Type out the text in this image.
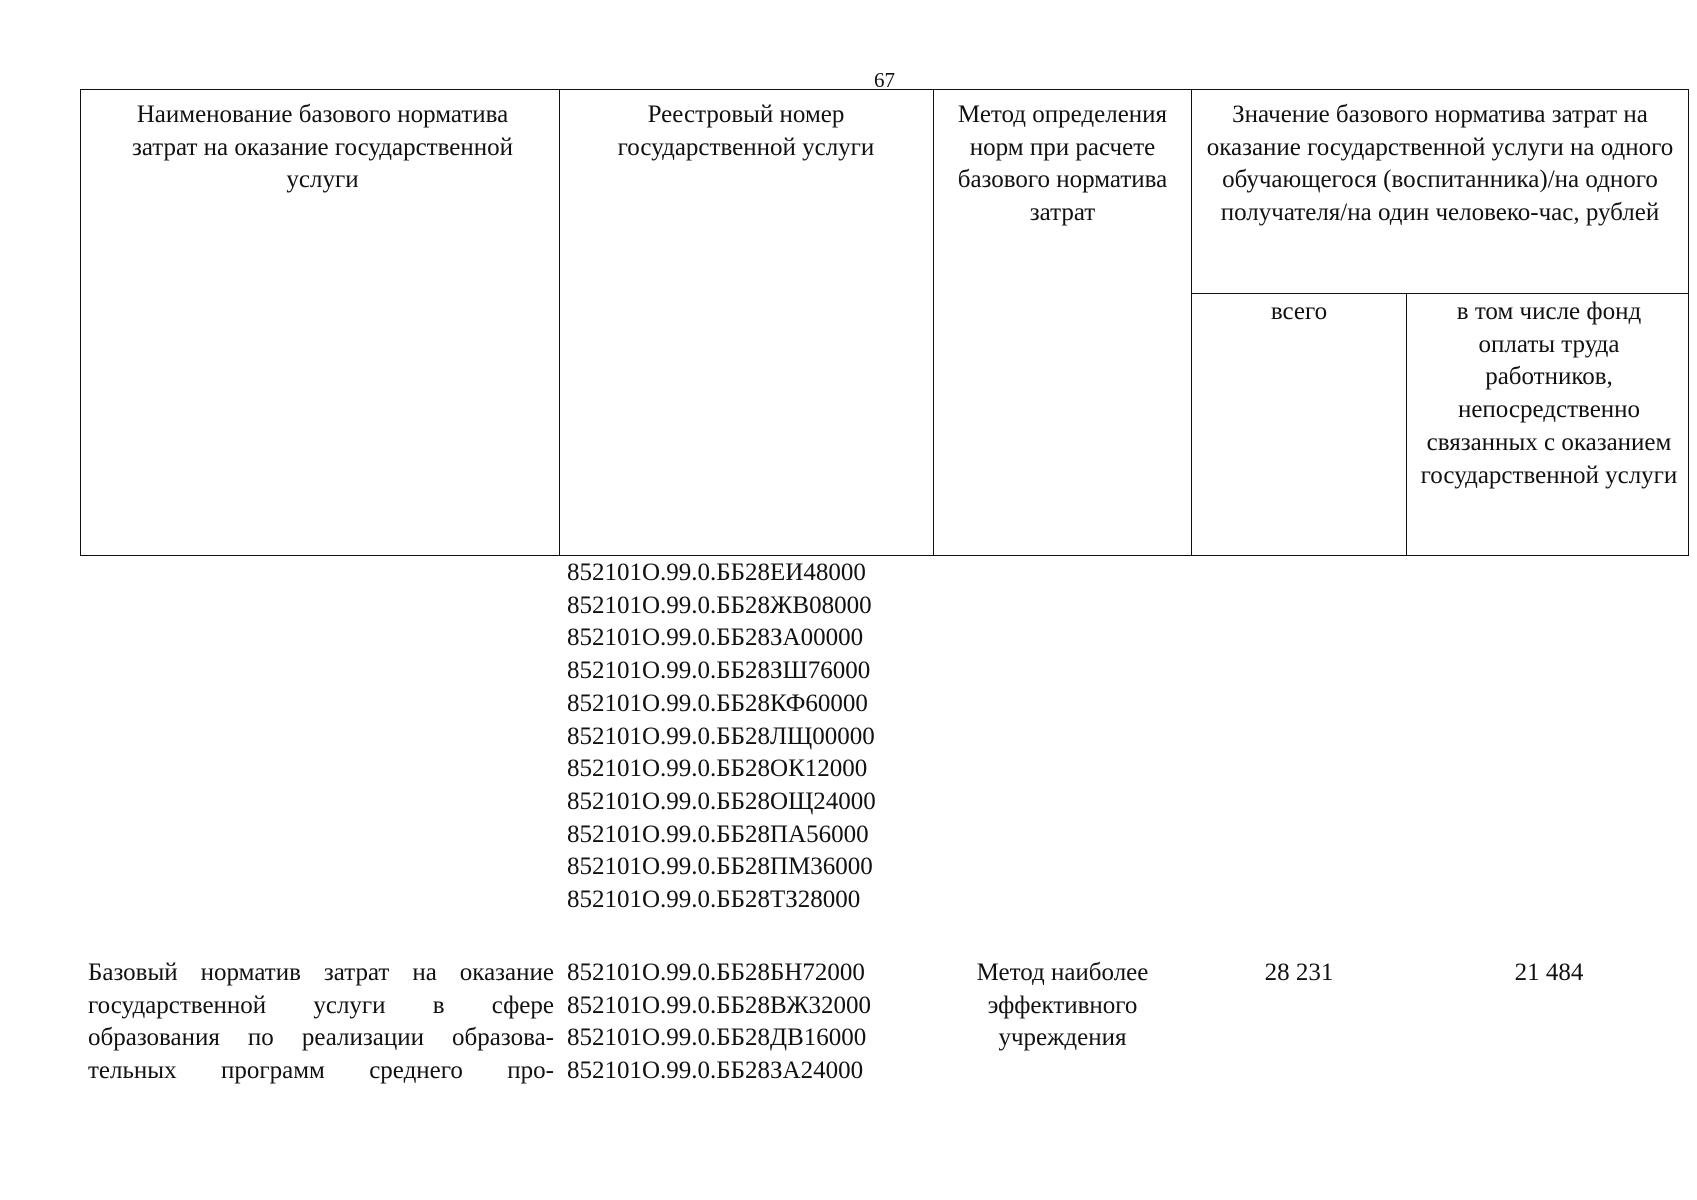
67
Наименование базового норматива затрат на оказание государственной услуги
Реестровый номер государственной услуги
Метод определения норм при расчете базового норматива затрат
Значение базового норматива затрат на оказание государственной услуги на одного обучающегося (воспитанника)/на одного получателя/на один человеко-час, рублей
всего	в том числе фонд оплаты труда работников, непосредственно связанных с оказанием государственной услуги
852101О.99.0.ББ28ЕИ48000
852101О.99.0.ББ28ЖВ08000
852101О.99.0.ББ28ЗА00000
852101О.99.0.ББ28ЗШ76000
852101О.99.0.ББ28КФ60000
852101О.99.0.ББ28ЛЩ00000
852101О.99.0.ББ28ОК12000
852101О.99.0.ББ28ОЩ24000
852101О.99.0.ББ28ПА56000
852101О.99.0.ББ28ПМ36000
852101О.99.0.ББ28ТЗ28000
Базовый норматив затрат на оказание
государственной услуги в сфере
образования по реализации образова-
тельных программ среднего про-
852101О.99.0.ББ28БН72000
852101О.99.0.ББ28ВЖ32000
852101О.99.0.ББ28ДВ16000
852101О.99.0.ББ28ЗА24000
Метод наиболее эффективного учреждения
28 231	21 484
